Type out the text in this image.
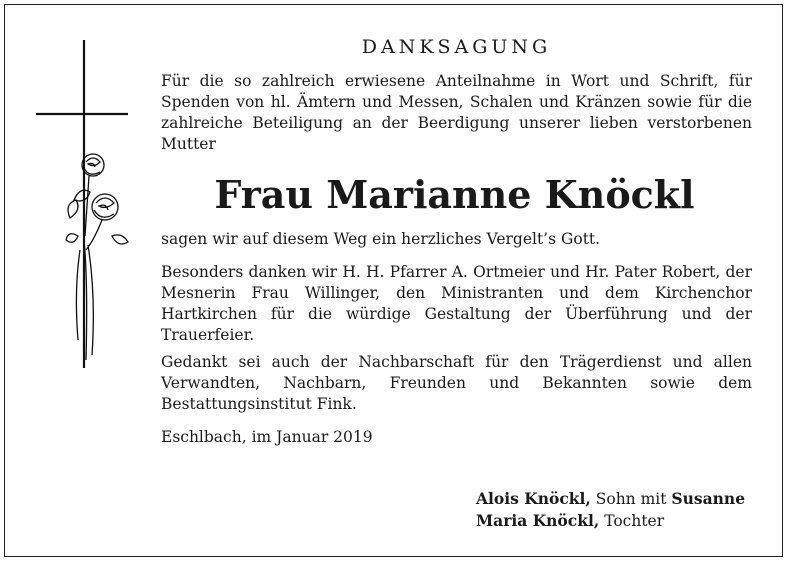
DANKSAGUNG

Für die so zahlreich erwiesene Anteilnahme in Wort und Schrift, für Spenden von hl. Ämtern und Messen, Schalen und Kränzen sowie für die zahlreiche Beteiligung an der Beerdigung unserer lieben verstorbenen Mutter

Frau Marianne Knöckl

sagen wir auf diesem Weg ein herzliches Vergelt’s Gott.

Besonders danken wir H. H. Pfarrer A. Ortmeier und Hr. Pater Robert, der Mesnerin Frau Willinger, den Ministranten und dem Kirchenchor Hartkirchen für die würdige Gestaltung der Überführung und der Trauerfeier.

Gedankt sei auch der Nachbarschaft für den Trägerdienst und allen Verwandten, Nachbarn, Freunden und Bekannten sowie dem Bestattungsinstitut Fink.

Eschlbach, im Januar 2019

Alois Knöckl, Sohn mit Susanne
Maria Knöckl, Tochter
